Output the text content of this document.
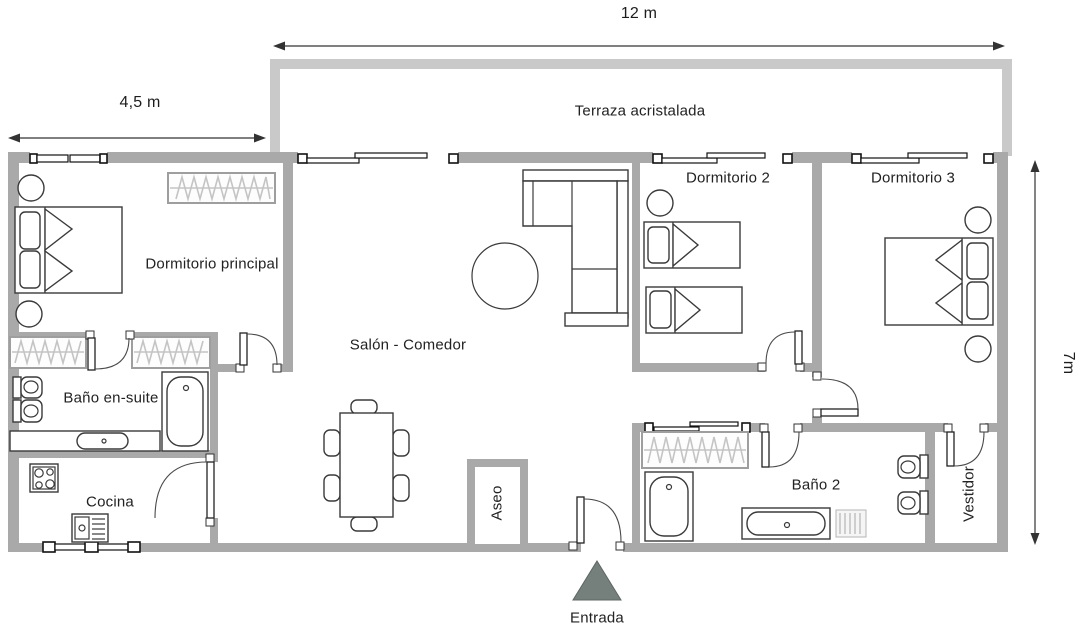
12 m
4,5 m
7m
Terraza acristalada
Dormitorio principal
Salón - Comedor
Dormitorio 2	Dormitorio 3
Baño en-suite
Cocina	Aseo
Baño 2	Vestidor
Entrada
